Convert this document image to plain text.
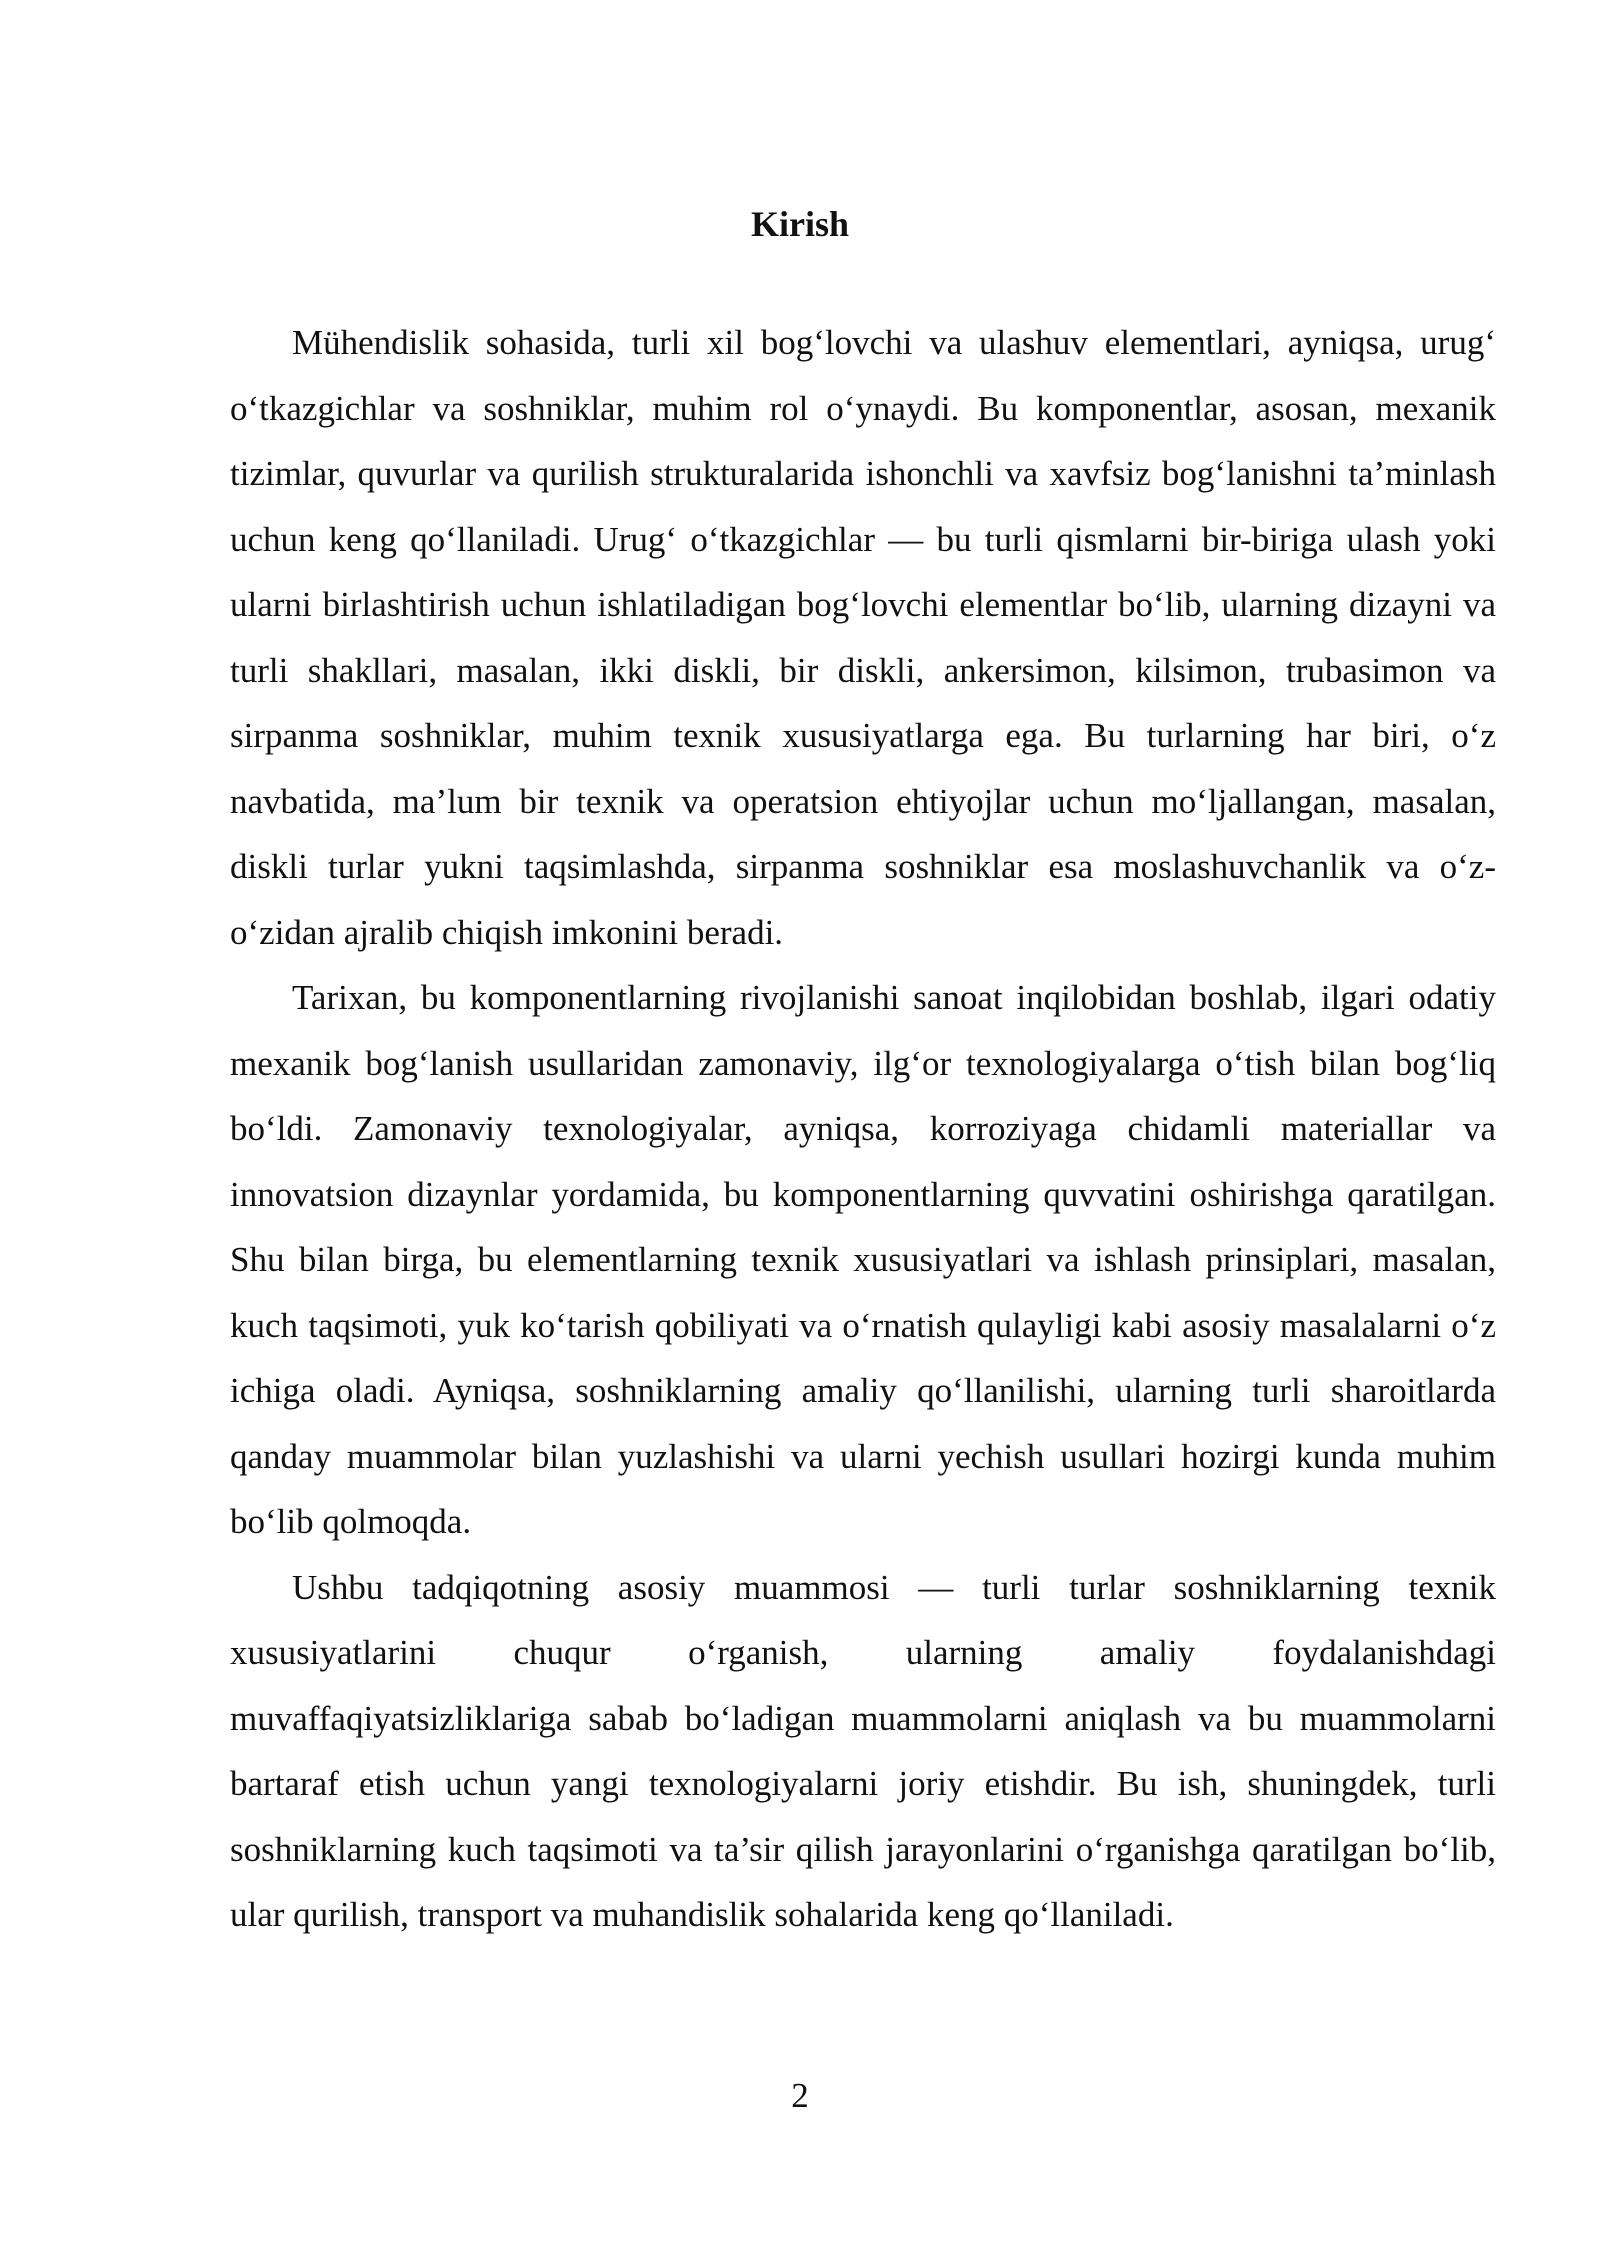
Kirish

Mühendislik sohasida, turli xil bog‘lovchi va ulashuv elementlari, ayniqsa, urug‘ o‘tkazgichlar va soshniklar, muhim rol o‘ynaydi. Bu komponentlar, asosan, mexanik tizimlar, quvurlar va qurilish strukturalarida ishonchli va xavfsiz bog‘lanishni ta’minlash uchun keng qo‘llaniladi. Urug‘ o‘tkazgichlar — bu turli qismlarni bir-biriga ulash yoki ularni birlashtirish uchun ishlatiladigan bog‘lovchi elementlar bo‘lib, ularning dizayni va turli shakllari, masalan, ikki diskli, bir diskli, ankersimon, kilsimon, trubasimon va sirpanma soshniklar, muhim texnik xususiyatlarga ega. Bu turlarning har biri, o‘z navbatida, ma’lum bir texnik va operatsion ehtiyojlar uchun mo‘ljallangan, masalan, diskli turlar yukni taqsimlashda, sirpanma soshniklar esa moslashuvchanlik va o‘z-o‘zidan ajralib chiqish imkonini beradi.

Tarixan, bu komponentlarning rivojlanishi sanoat inqilobidan boshlab, ilgari odatiy mexanik bog‘lanish usullaridan zamonaviy, ilg‘or texnologiyalarga o‘tish bilan bog‘liq bo‘ldi. Zamonaviy texnologiyalar, ayniqsa, korroziyaga chidamli materiallar va innovatsion dizaynlar yordamida, bu komponentlarning quvvatini oshirishga qaratilgan. Shu bilan birga, bu elementlarning texnik xususiyatlari va ishlash prinsiplari, masalan, kuch taqsimoti, yuk ko‘tarish qobiliyati va o‘rnatish qulayligi kabi asosiy masalalarni o‘z ichiga oladi. Ayniqsa, soshniklarning amaliy qo‘llanilishi, ularning turli sharoitlarda qanday muammolar bilan yuzlashishi va ularni yechish usullari hozirgi kunda muhim bo‘lib qolmoqda.

Ushbu tadqiqotning asosiy muammosi — turli turlar soshniklarning texnik xususiyatlarini chuqur o‘rganish, ularning amaliy foydalanishdagi muvaffaqiyatsizliklariga sabab bo‘ladigan muammolarni aniqlash va bu muammolarni bartaraf etish uchun yangi texnologiyalarni joriy etishdir. Bu ish, shuningdek, turli soshniklarning kuch taqsimoti va ta’sir qilish jarayonlarini o‘rganishga qaratilgan bo‘lib, ular qurilish, transport va muhandislik sohalarida keng qo‘llaniladi.

2
